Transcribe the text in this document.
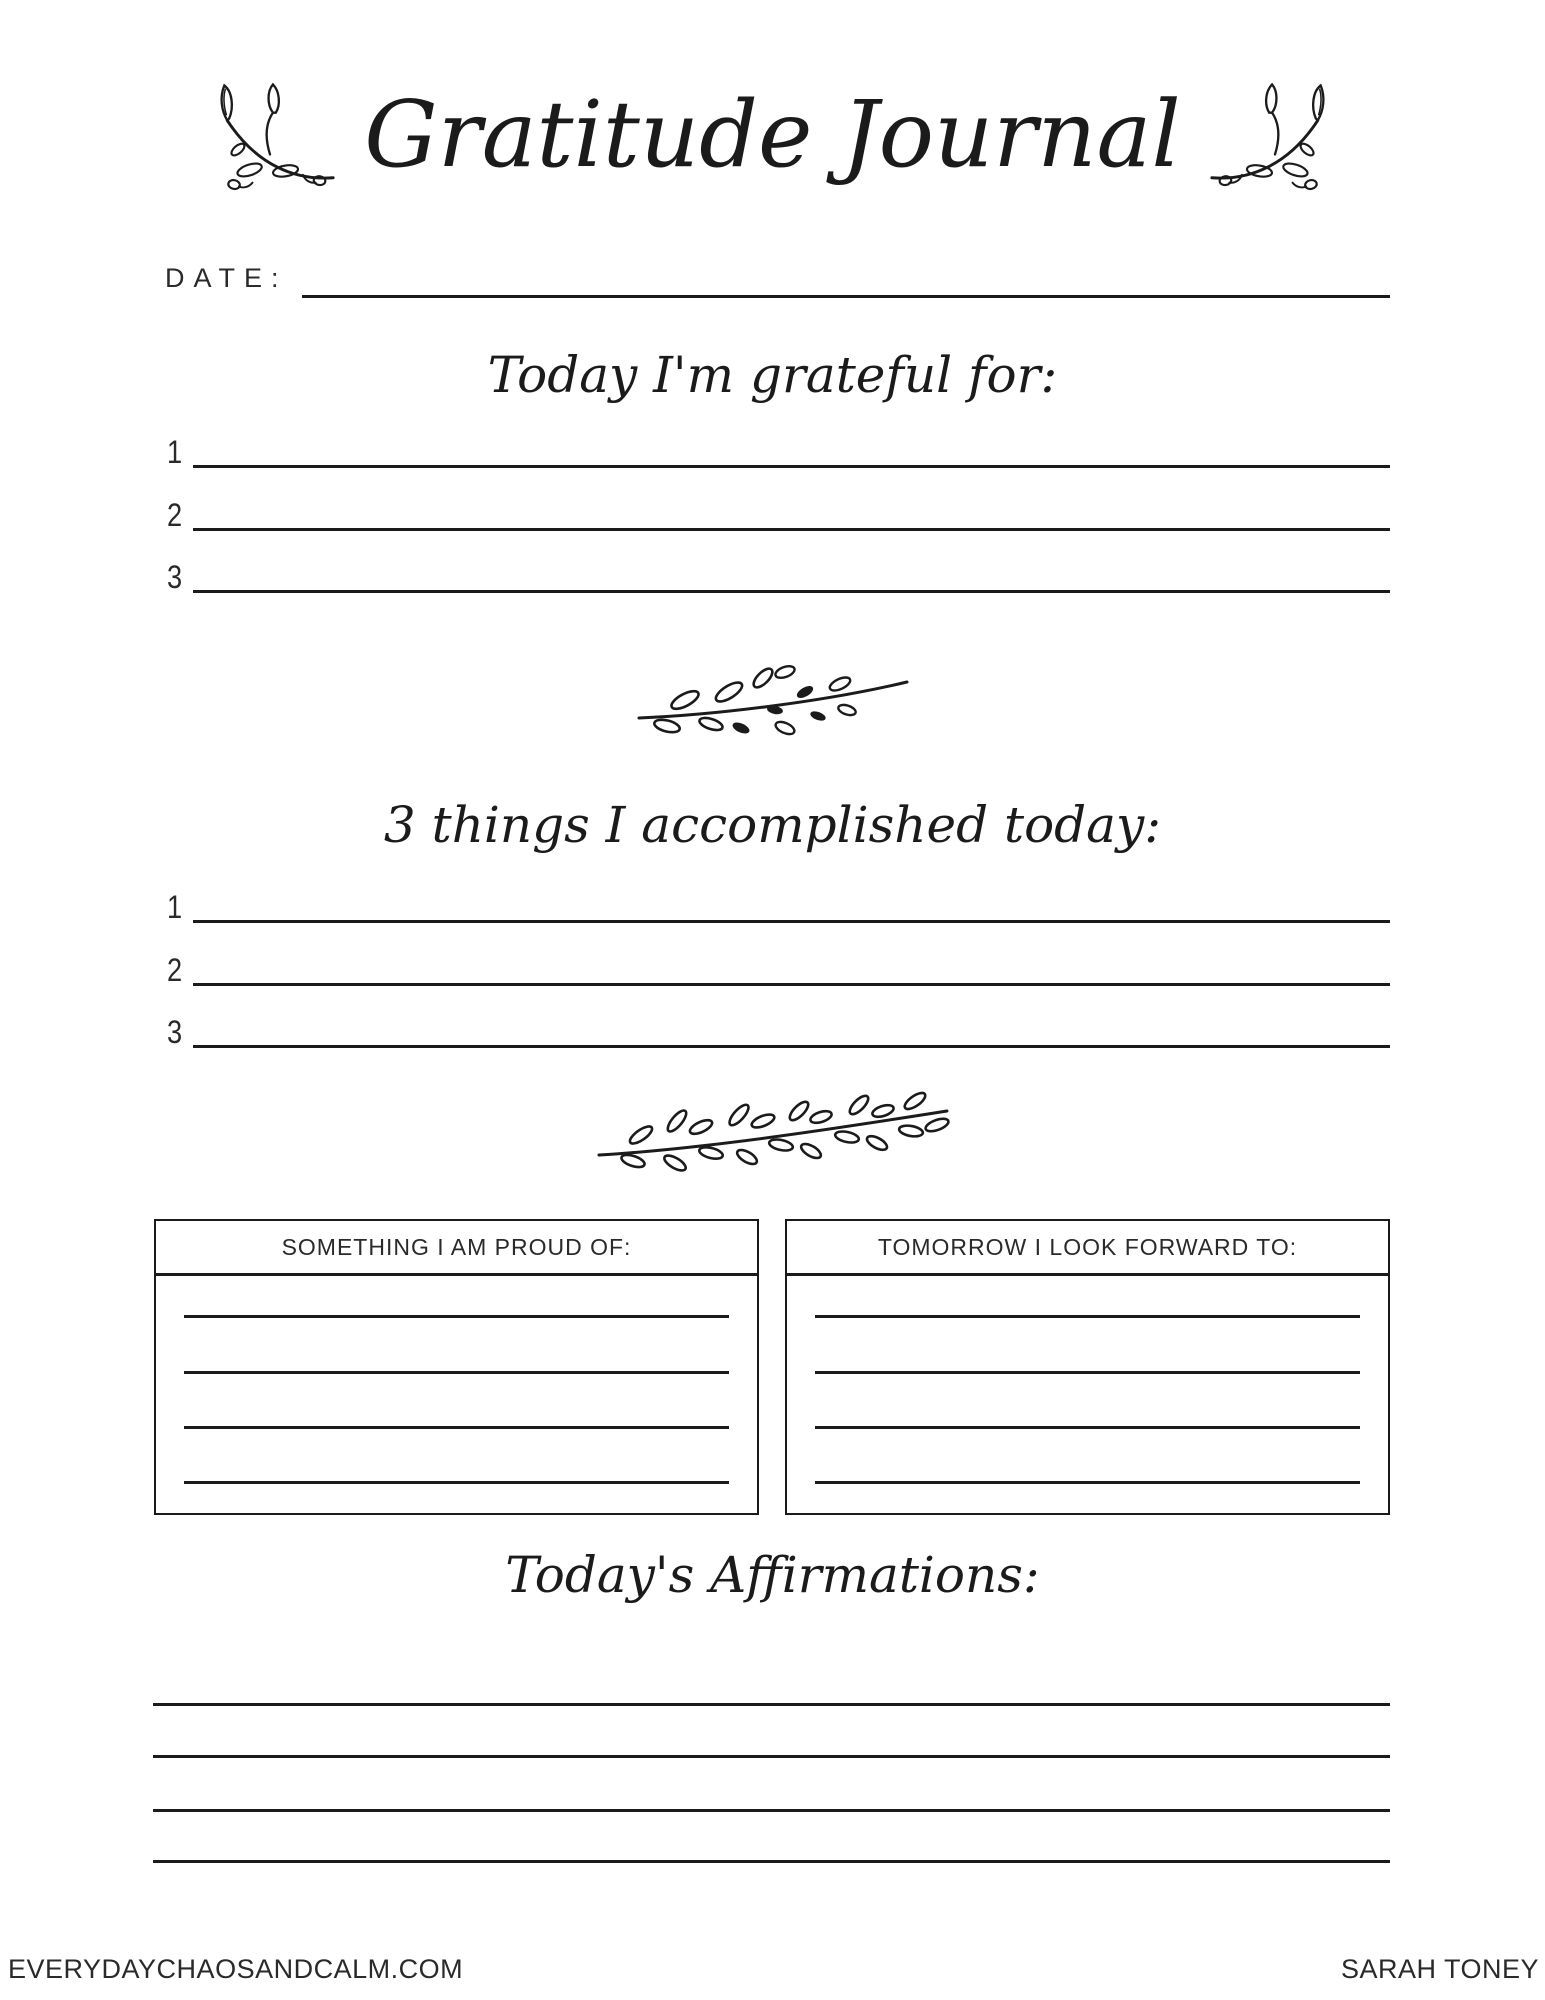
Gratitude Journal
DATE:
Today I'm grateful for:
1
2
3
3 things I accomplished today:
1
2
3
SOMETHING I AM PROUD OF:	TOMORROW I LOOK FORWARD TO:
Today's Affirmations:
EVERYDAYCHAOSANDCALM.COM	SARAH TONEY
